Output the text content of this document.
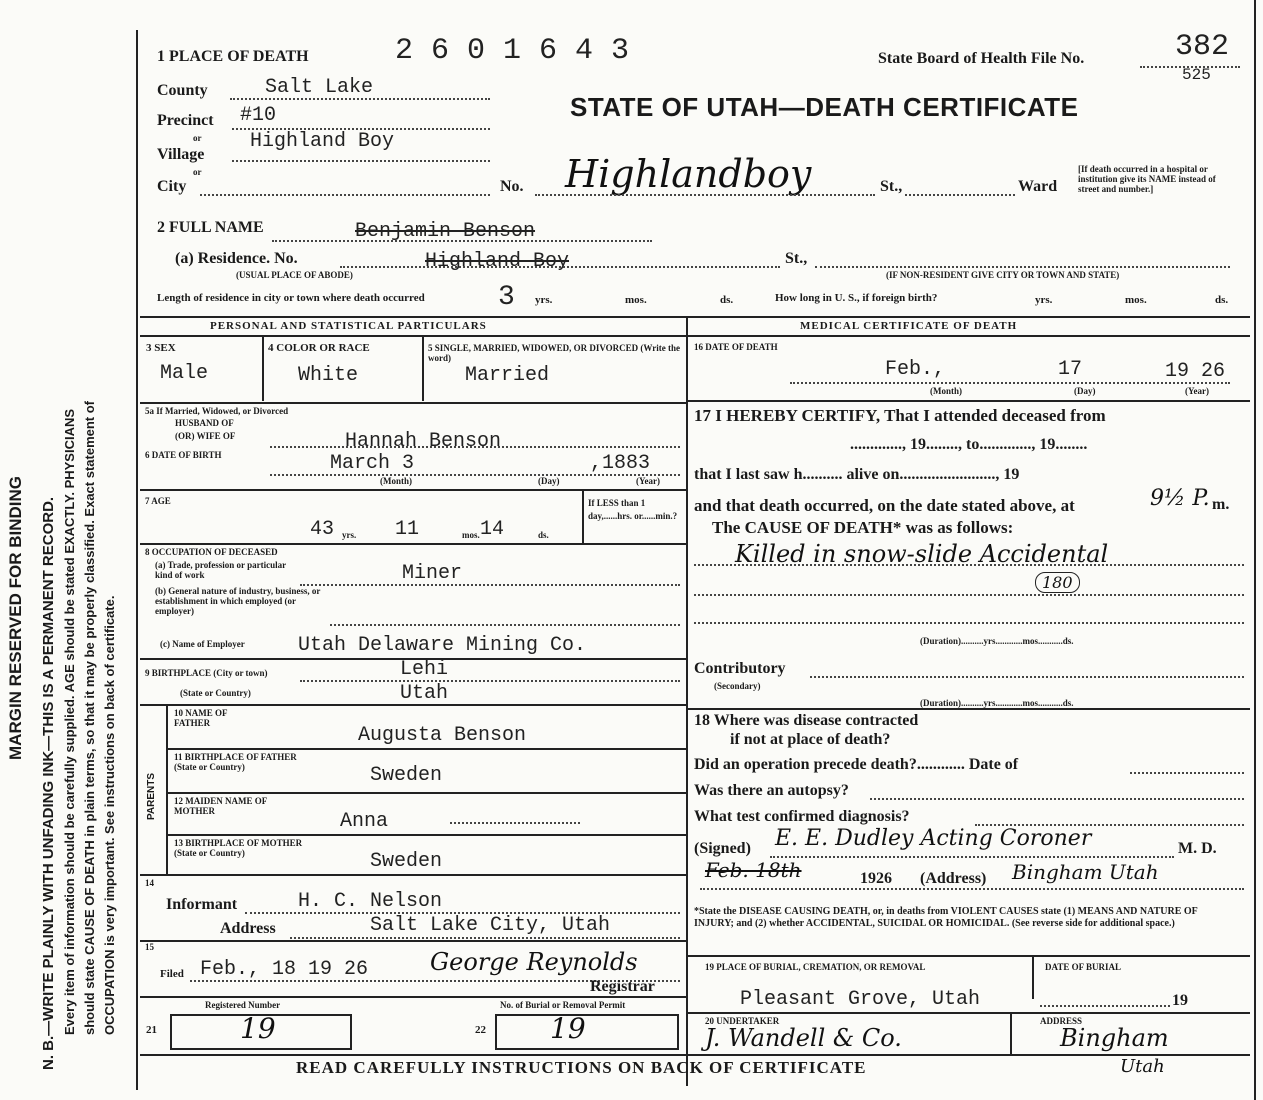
MARGIN RESERVED FOR BINDING N. B.—WRITE PLAINLY WITH UNFADING INK—THIS IS A PERMANENT RECORD. Every item of information should be carefully supplied. AGE should be stated EXACTLY. PHYSICIANS should state CAUSE OF DEATH in plain terms, so that it may be properly classified. Exact statement of OCCUPATION is very important. See instructions on back of certificate.
1 PLACE OF DEATH	2 6 0 1 6 4 3	State Board of Health File No.	382
525
STATE OF UTAH—DEATH CERTIFICATE
County	Salt Lake
Precinct #10
or
Village
Highland Boy
or
City	No. Highlandboy	St.,	Ward
[If death occurred in a hospital or institution give its NAME instead of street and number.]
2 FULL NAME	Benjamin Benson
(a) Residence. No.
(USUAL PLACE OF ABODE)
Highland Boy	St.,
(IF NON-RESIDENT GIVE CITY OR TOWN AND STATE)
Length of residence in city or town where death occurred	3 yrs.	mos.	ds.	How long in U. S., if foreign birth?	yrs.	mos.	ds.
PERSONAL AND STATISTICAL PARTICULARS	MEDICAL CERTIFICATE OF DEATH
3 SEX
Male
4 COLOR OR RACE
White
5 SINGLE, MARRIED, WIDOWED, OR DIVORCED (Write the word)
Married
5a If Married, Widowed, or Divorced
HUSBAND OF
(OR) WIFE OF	Hannah Benson
6 DATE OF BIRTH	March 3	,1883
(Month)	(Day)	(Year)
7 AGE
43 yrs. 11	mos. 14	ds.
If LESS than 1 day,......hrs. or......min.?
8 OCCUPATION OF DECEASED
(a) Trade, profession or particular kind of work	Miner
(b) General nature of industry, business, or establishment in which employed (or employer)
(c) Name of Employer	Utah Delaware Mining Co.
9 BIRTHPLACE (City or town)	Lehi
(State or Country)	Utah
PARENTS
10 NAME OF FATHER
Augusta Benson
11 BIRTHPLACE OF FATHER (State or Country)	Sweden
12 MAIDEN NAME OF MOTHER	Anna
13 BIRTHPLACE OF MOTHER (State or Country)	Sweden
14
Informant	H. C. Nelson
Address	Salt Lake City, Utah
15
Filed Feb., 18 19 26	George Reynolds
Registrar
Registered Number	No. of Burial or Removal Permit
21	19	22 19
16 DATE OF DEATH
Feb.,	17	19 26
(Month)	(Day)	(Year)
17 I HEREBY CERTIFY, That I attended deceased from
............., 19........, to............., 19........
that I last saw h.......... alive on........................, 19
and that death occurred, on the date stated above, at	9½ P. m.
The CAUSE OF DEATH* was as follows:
Killed in snow-slide Accidental
180
(Duration)..........yrs............mos...........ds.
Contributory
(Secondary)
(Duration)..........yrs............mos...........ds.
18 Where was disease contracted
if not at place of death?
Did an operation precede death?............ Date of
Was there an autopsy?
What test confirmed diagnosis?
(Signed) E. E. Dudley Acting Coroner	M. D.
Feb. 18th	1926 (Address) Bingham Utah
*State the DISEASE CAUSING DEATH, or, in deaths from VIOLENT CAUSES state (1) MEANS AND NATURE OF INJURY; and (2) whether ACCIDENTAL, SUICIDAL OR HOMICIDAL. (See reverse side for additional space.)
19 PLACE OF BURIAL, CREMATION, OR REMOVAL	DATE OF BURIAL
Pleasant Grove, Utah	19
20 UNDERTAKER
J. Wandell & Co.
ADDRESS
Bingham
Utah
READ CAREFULLY INSTRUCTIONS ON BACK OF CERTIFICATE
